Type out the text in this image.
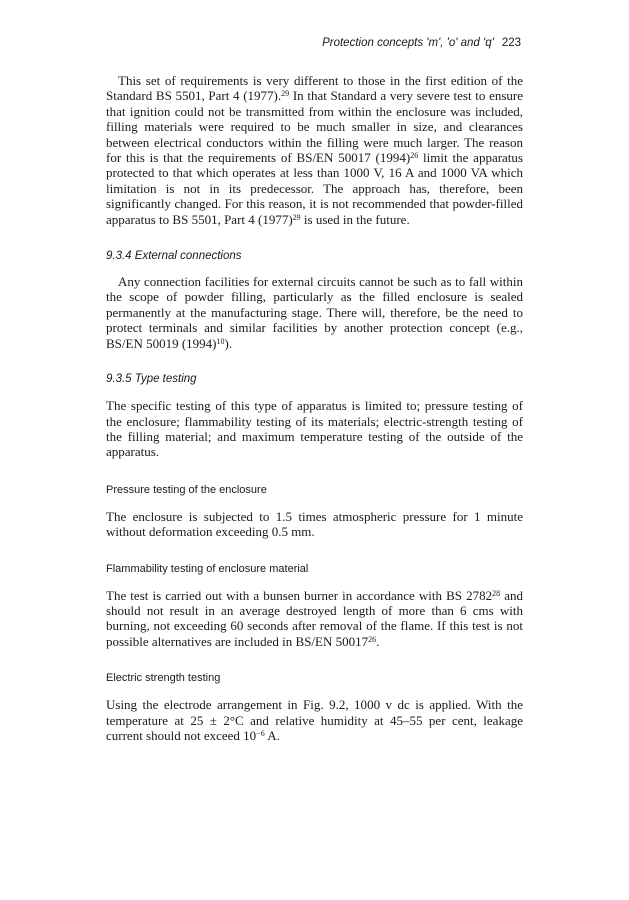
Protection concepts 'm', 'o' and 'q' 223

This set of requirements is very different to those in the first edition of the Standard BS 5501, Part 4 (1977).$^{29}$ In that Standard a very severe test to ensure that ignition could not be transmitted from within the enclosure was included, filling materials were required to be much smaller in size, and clearances between electrical conductors within the filling were much larger. The reason for this is that the requirements of BS/EN 50017 $(1994)^{26}$ limit the apparatus protected to that which operates at less than 1000 V, 16 A and 1000 VA which limitation is not in its predecessor. The approach has, therefore, been significantly changed. For this reason, it is not recommended that powder-filled apparatus to BS 5501, Part 4 $(1977)^{29}$ is used in the future.

9.3.4 External connections

Any connection facilities for external circuits cannot be such as to fall within the scope of powder filling, particularly as the filled enclosure is sealed permanently at the manufacturing stage. There will, therefore, be the need to protect terminals and similar facilities by another protection concept (e.g., BS/EN 50019 $(1994)^{10}$).

9.3.5 Type testing

The specific testing of this type of apparatus is limited to; pressure testing of the enclosure; flammability testing of its materials; electric-strength testing of the filling material; and maximum temperature testing of the outside of the apparatus.

Pressure testing of the enclosure

The enclosure is subjected to 1.5 times atmospheric pressure for 1 minute without deformation exceeding 0.5 mm.

Flammability testing of enclosure material

The test is carried out with a bunsen burner in accordance with BS 2782$^{28}$ and should not result in an average destroyed length of more than 6 cms with burning, not exceeding 60 seconds after removal of the flame. If this test is not possible alternatives are included in BS/EN 50017$^{26}$.

Electric strength testing

Using the electrode arrangement in Fig. 9.2, 1000 v dc is applied. With the temperature at 25 ± 2°C and relative humidity at 45–55 per cent, leakage current should not exceed $10^{-6}$ A.
